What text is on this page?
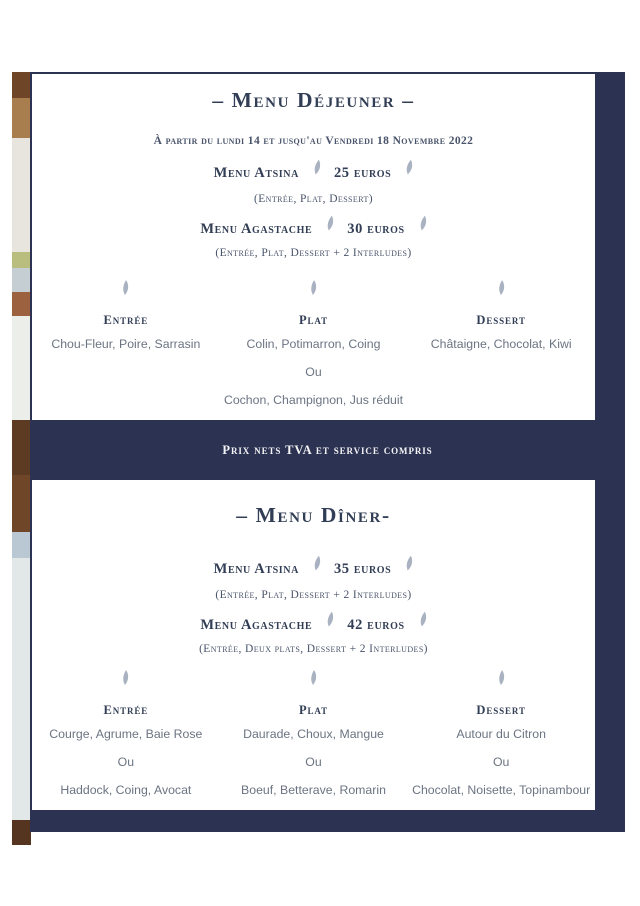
– Menu Déjeuner –
À partir du lundi 14 et jusqu'au Vendredi 18 Novembre 2022
Menu Atsina 25 euros
(Entrée, Plat, Dessert)
Menu Agastache 30 euros
(Entrée, Plat, Dessert + 2 Interludes)
Entrée
Chou-Fleur, Poire, Sarrasin
Plat
Colin, Potimarron, Coing
Ou
Cochon, Champignon, Jus réduit
Dessert
Châtaigne, Chocolat, Kiwi
Prix nets TVA et service compris
– Menu Dîner-
Menu Atsina 35 euros
(Entrée, Plat, Dessert + 2 Interludes)
Menu Agastache 42 euros
(Entrée, Deux plats, Dessert + 2 Interludes)
Entrée
Courge, Agrume, Baie Rose
Ou
Haddock, Coing, Avocat
Plat
Daurade, Choux, Mangue
Ou
Boeuf, Betterave, Romarin
Dessert
Autour du Citron
Ou
Chocolat, Noisette, Topinambour
